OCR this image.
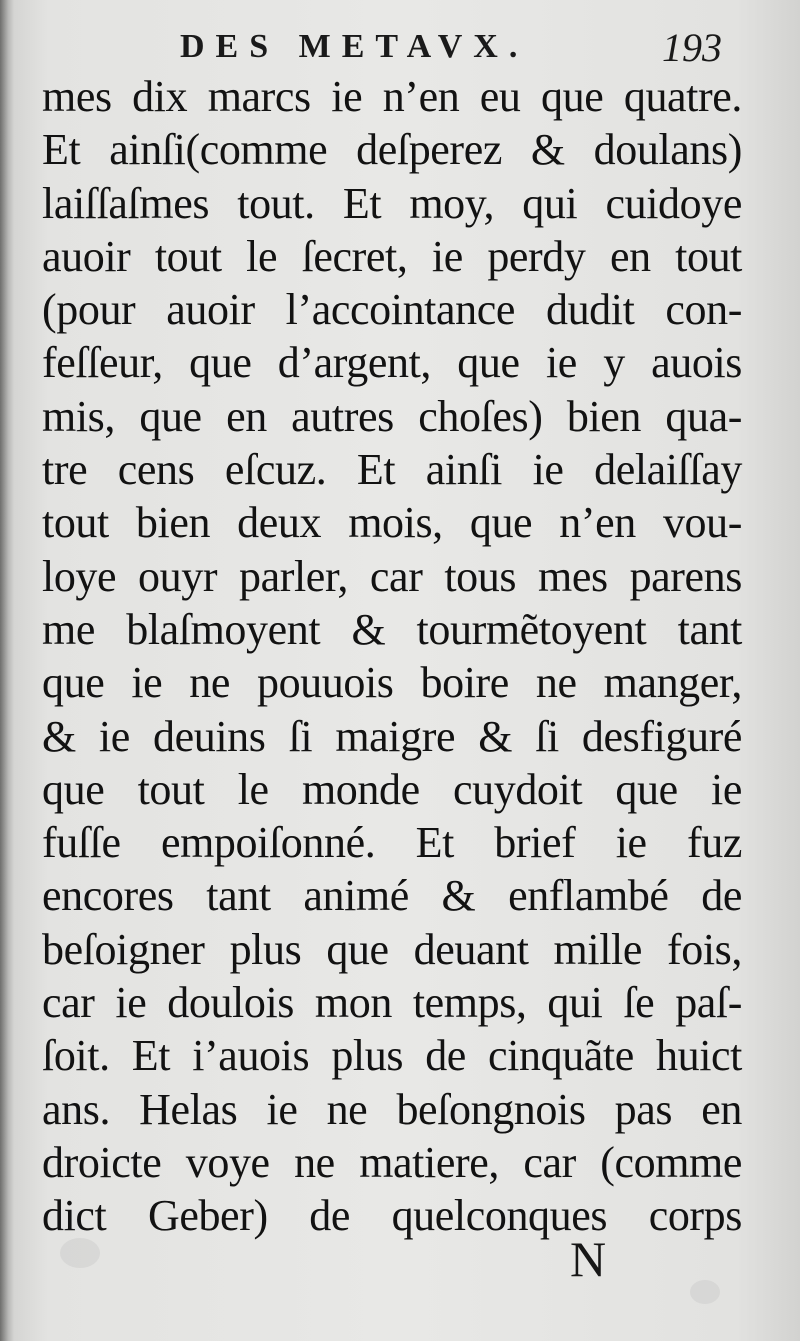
DES METAVX.	193
mes dix marcs ie n’en eu que quatre.
Et ainſi(comme deſperez & doulans)
laiſſaſmes tout. Et moy, qui cuidoye
auoir tout le ſecret, ie perdy en tout
(pour auoir l’accointance dudit con-
feſſeur, que d’argent, que ie y auois
mis, que en autres choſes) bien qua-
tre cens eſcuz. Et ainſi ie delaiſſay
tout bien deux mois, que n’en vou-
loye ouyr parler, car tous mes parens
me blaſmoyent & tourmẽtoyent tant
que ie ne pouuois boire ne manger,
& ie deuins ſi maigre & ſi desfiguré
que tout le monde cuydoit que ie
fuſſe empoiſonné. Et brief ie fuz
encores tant animé & enflambé de
beſoigner plus que deuant mille fois,
car ie doulois mon temps, qui ſe paſ-
ſoit. Et i’auois plus de cinquãte huict
ans. Helas ie ne beſongnois pas en
droicte voye ne matiere, car (comme
dict Geber) de quelconques corps
N
